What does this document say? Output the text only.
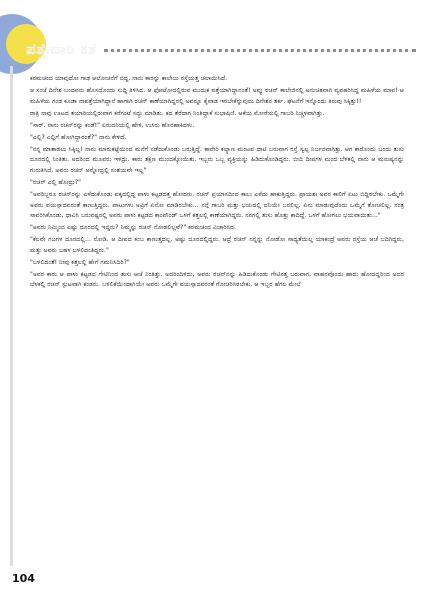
ಪತ್ತೇದಾರಿ ಕತೆ

ಕರಮಚಂದ ಯಾವುದೋ ಗಾಢ ಆಲೋಚನೆಗೆ ಬಿದ್ದ. ನಾನು ಕಾರನ್ನು ಕಾಲೇಜು ರಸ್ತೆಯತ್ತ ಚಲಾಯಿಸಿದೆ.

ಆ ಸಂಜೆ ದಿನೇಶ ಬಂದವನು ಹೊಸದೊಂದು ಸುದ್ದಿ ತಿಳಿಸಿದ. ಆ ಫೋಟೋದಲ್ಲಿರುವ ಮುದುಕ ಪತ್ತೆಯಾಗಿದ್ದಾನಂತೆ! ಅವ್ವು ರಚನ್ ಕಾಲೇಜಿನಲ್ಲಿ ಅನುಚಿತವಾಗಿ ವ್ಯವಹರಿಸಿದ್ದ ಮಹಿಳೆಯ ಮಾವ! ಆ ಮಹಿಳೆಯ ಗಂಡ ಕೂಡಾ ನಾಪತ್ತೆಯಾಗಿದ್ದಾನೆ ಹಾಗಾಗಿ ರಚನ್ ಕಾಣೆಯಾಗಿದ್ದರಲ್ಲಿ ಅವನ್ನೂ ಕೈವಾಡ ಇರಬೇಕೆನ್ನುವುದು ದಿನೇಶನ ತರ್ಕ. ಘಟನೆಗೆ ಇನ್ನೊಂದು ತಿರುವು ಸಿಕ್ಕಿತ್ತು!!

ರಾತ್ರಿ ನಾವು ಊಟದ ತಯಾರಿಯಲ್ಲಿರುವಾಗ ಕರೆಗಂಟೆ ಸದ್ದು ಮಾಡಿತು. ಕದ ತೆರೆದಾಗ ನಿಂತಿದ್ದಾಕೆ ಸುಭಾಷಿಣಿ. ಆಕೆಯ ಮೋರೆಯಲ್ಲಿ ಗಾಬರಿ ನಿಚ್ಚಳವಾಗಿತ್ತು.

"ಸಾರ್. ನಾನು ರಚನ್‌ರನ್ನು ಕಂಡೆ!" ಏರುದನಿಯಲ್ಲಿ ಹೇಳಿ, ಉಸಿರು ಹೊರಹಾಕಿದಳು.

"ಎಲ್ಲಿ? ಎಲ್ಲಿಗೆ ಹೋಗಿದ್ದಾರಂತೆ?" ನಾನು ಕೇಳಿದೆ.

"ನನ್ನ ಮಾತಾಡಲು ಸಿಕ್ಕಿಲ್ಲ! ನಾನು ಮಾರುಕಟ್ಟೆಯಿಂದ ಮನೆಗೆ ನಡೆದುಕೊಂಡು ಬರುತ್ತಿದ್ದೆ. ಕಾವೇರಿ ಕಲ್ಯಾಣ ಮಂಟಪ ದಾಟಿ ಬರುವಾಗ ರಸ್ತೆ ಸ್ವಲ್ಪ ನಿರ್ಜನವಾಗಿತ್ತು. ಆಗ ಕಾರೊಂದು ಬಂದು ತುಸು ದೂರದಲ್ಲಿ ನಿಂತಿತು. ಅದರಿಂದ ಮೂವರು ಇಳಿದ್ರು. ಕಾರು ತಕ್ಷಣ ಮುಂದಕ್ಕೋಯಿತು. ಇಬ್ಬರು ಒಬ್ಬ ವ್ಯಕ್ತಿಯನ್ನು ಹಿಡಿದುಕೊಂಡಿದ್ದರು. ಬೀದಿ ದೀಪಗಳ ಮಂದ ಬೆಳಕಲ್ಲಿ ನಾನು ಆ ಮನುಷ್ಯನನ್ನು ಗುರುತಿಸಿದೆ. ಅವರು ರಚನ್ ಅನ್ನೋದ್ರಲ್ಲಿ ಸಂಶಯವೇ ಇಲ್ಲ"

"ರಚನ್ ಎಲ್ಲಿ ಹೋದ್ರು?"

"ಅವರಿಬ್ಬರೂ ರಚನ್‌ರನ್ನು ಎಳೆದುಕೊಂಡು ಪಕ್ಕದಲ್ಲಿದ್ದ ಪಾಳು ಕಟ್ಟಡದತ್ತ ಹೋದರು. ರಚನ್ ಪ್ರಯಾಸದಿಂದ ಕಾಲು ಎಳೆದು ಹಾಕುತ್ತಿದ್ದರು. ಪ್ರಾಯಶಃ ಅವರ ಕಾಲಿಗೆ ಏಟು ಬಿದ್ದಿರಬೇಕು. ಒಮ್ಮೆಗೇ ಅವರು ವಯಸ್ಸಾದವರಂತೆ ಕಾಣುತ್ತಿದ್ದರು. ಪಾಟುಗಳು ಅವ್ರಿಗೆ ಏನೋ ಮಾಡಿರಬೇಕು... ನನ್ಗೆ ಗಾಬರಿ ಮತ್ತು ಭಯದಲ್ಲಿ ದನಿಯೇ ಬರಲಿಲ್ಲ. ಏನು ಮಾಡುವುದೆಂದು ಒಮ್ಮೆಗೆ ತೋಚಲಿಲ್ಲ. ನಂತ್ರ ಸಾವರಿಸಿಕೊಂಡು, ಧಾವಿಸಿ ಬರುವಷ್ಟರಲ್ಲಿ ಅವರು ಪಾಳು ಕಟ್ಟಡದ ಕಾಂಪೌಂಡ್ ಒಳಗೆ ಕತ್ತಲಲ್ಲಿ ಕಾಣೆಯಾಗಿದ್ದರು. ನನಗಲ್ಲಿ ತುಸು ಹೊತ್ತು ಕಾದಿದ್ದೆ. ಒಳಗೆ ಹೋಗಲು ಭಯವಾಯಿತು..."

"ಅವರು ನಿಮ್ಮಿಂದ ಎಷ್ಟು ದೂರದಲ್ಲಿ ಇದ್ದರು? ನಿಮ್ಮನ್ನು ರಚನ್ ನೋಡಲಿಲ್ಲವೆ?" ಕರಮಚಂದ ವಿಚಾರಿಸಿದ.

"ಕೆಲವೇ ಗಜಗಳ ದೂರದಲ್ಲಿ... ನೋಡಿ. ಆ ದೀಪದ ಕಂಬ ಕಾಣುತ್ತದಲ್ಲ. ಅಷ್ಟು ದೂರದಲ್ಲಿದ್ದರು. ಆದ್ರೆ ರಚನ್ ನನ್ನನ್ನು ನೋಡೋ ಸಾಧ್ಯತೆಯಿಲ್ಲ ಯಾಕಂದ್ರೆ ಅವರು ರಸ್ತೆಯ ಆಚೆ ಬದಿಗಿದ್ದರು, ಮತ್ತು ಅವರು ಬಹಳ ಬಳಲಿದಂತಿದ್ದರು."

"ಬಳಲಿದಂತೆ! ನೀವು ಕತ್ತಲಲ್ಲಿ ಹೇಗೆ ಗಮನಿಸಿದಿರಿ?"

"ಅವರ ಕಾರು ಆ ಪಾಳು ಕಟ್ಟಡದ ಗೇಟಿನಿಂದ ತುಸು ಆಚೆ ನಿಂತಿತ್ತು. ಅದರಿಂದಿಳಿದು, ಅವರು ರಚನ್‌ನನ್ನು ಹಿಡಿದುಕೊಂಡು ಗೇಟಿನತ್ತ ಬರುವಾಗ, ವಾಹನವೊಂದು ಹಾದು ಹೋದದ್ದರಿಂದ ಅದರ ಬೆಳಕಲ್ಲಿ ರಚನ್ ಸ್ಪುಟವಾಗಿ ಕಂಡರು. ಬಳಲಿಕೆಯಿಂದಾಗಿಯೇ ಅವರು ಒಮ್ಮೆಗೇ ವಯಸ್ಸಾದವರಂತೆ ಗೋಚರಿಸಿರಬೇಕು. ಆ ಇಬ್ಬರ ಹೆಗಲ ಮೇಲೆ

104
